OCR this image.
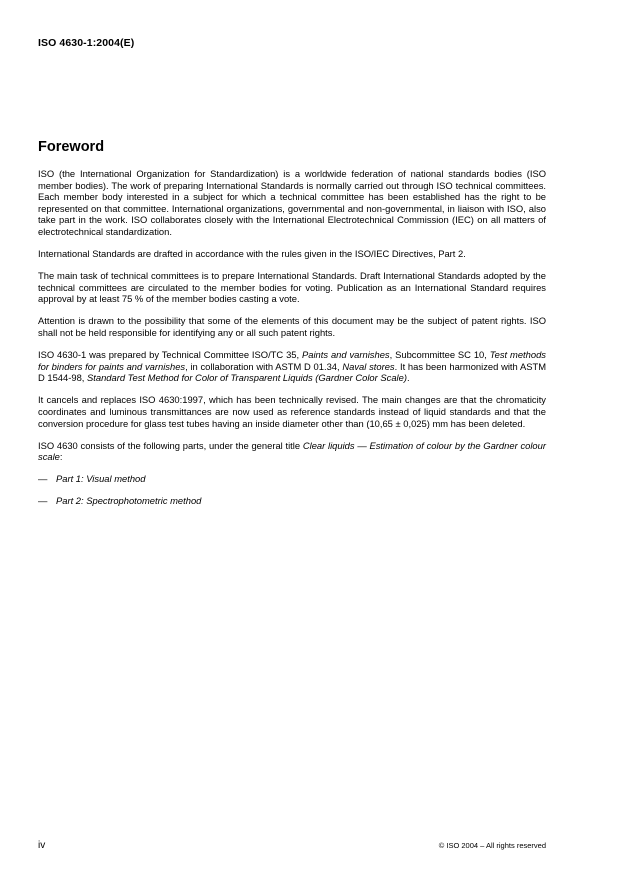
ISO 4630-1:2004(E)
Foreword

ISO (the International Organization for Standardization) is a worldwide federation of national standards bodies (ISO member bodies). The work of preparing International Standards is normally carried out through ISO technical committees. Each member body interested in a subject for which a technical committee has been established has the right to be represented on that committee. International organizations, governmental and non-governmental, in liaison with ISO, also take part in the work. ISO collaborates closely with the International Electrotechnical Commission (IEC) on all matters of electrotechnical standardization.

International Standards are drafted in accordance with the rules given in the ISO/IEC Directives, Part 2.

The main task of technical committees is to prepare International Standards. Draft International Standards adopted by the technical committees are circulated to the member bodies for voting. Publication as an International Standard requires approval by at least 75 % of the member bodies casting a vote.

Attention is drawn to the possibility that some of the elements of this document may be the subject of patent rights. ISO shall not be held responsible for identifying any or all such patent rights.

ISO 4630-1 was prepared by Technical Committee ISO/TC 35, Paints and varnishes, Subcommittee SC 10, Test methods for binders for paints and varnishes, in collaboration with ASTM D 01.34, Naval stores. It has been harmonized with ASTM D 1544-98, Standard Test Method for Color of Transparent Liquids (Gardner Color Scale).

It cancels and replaces ISO 4630:1997, which has been technically revised. The main changes are that the chromaticity coordinates and luminous transmittances are now used as reference standards instead of liquid standards and that the conversion procedure for glass test tubes having an inside diameter other than (10,65 ± 0,025) mm has been deleted.

ISO 4630 consists of the following parts, under the general title Clear liquids — Estimation of colour by the Gardner colour scale:

— Part 1: Visual method
— Part 2: Spectrophotometric method
iv	© ISO 2004 – All rights reserved
